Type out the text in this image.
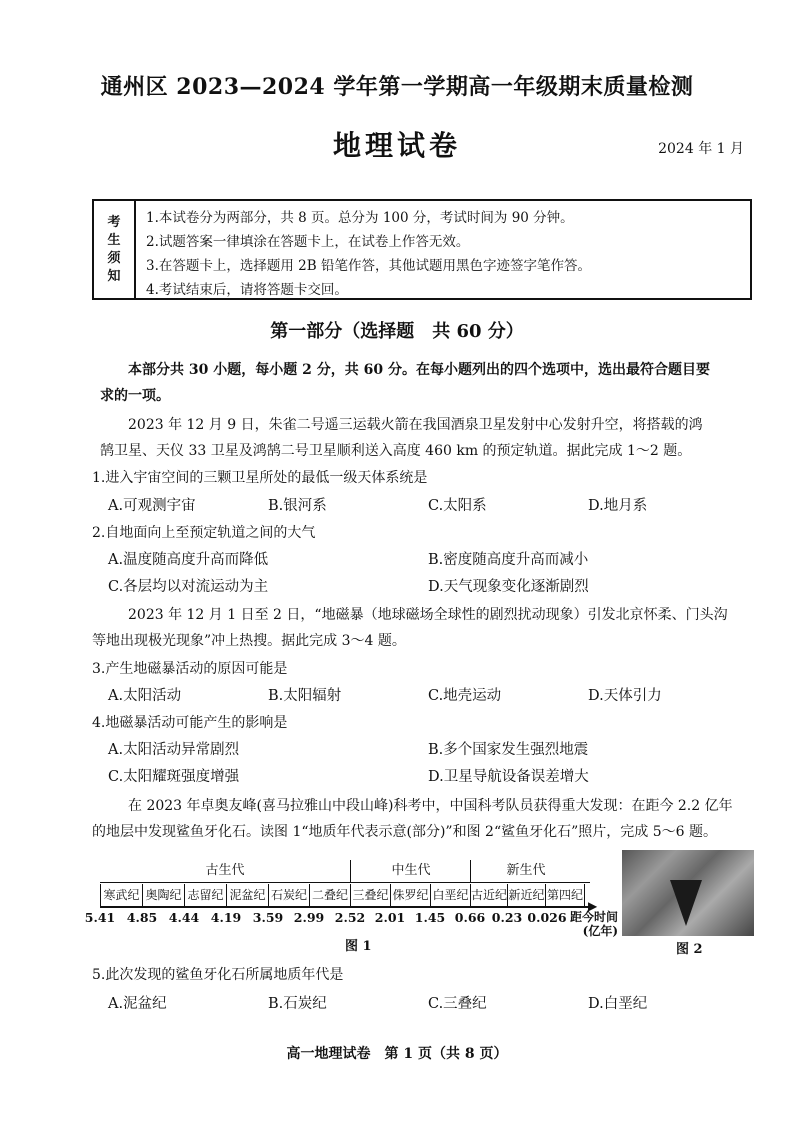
通州区 2023—2024 学年第一学期高一年级期末质量检测
地理试卷	2024 年 1 月
考
生
须
知
1.本试卷分为两部分，共 8 页。总分为 100 分，考试时间为 90 分钟。
2.试题答案一律填涂在答题卡上，在试卷上作答无效。
3.在答题卡上，选择题用 2B 铅笔作答，其他试题用黑色字迹签字笔作答。
4.考试结束后，请将答题卡交回。
第一部分（选择题　共 60 分）
本部分共 30 小题，每小题 2 分，共 60 分。在每小题列出的四个选项中，选出最符合题目要
求的一项。
2023 年 12 月 9 日，朱雀二号遥三运载火箭在我国酒泉卫星发射中心发射升空，将搭载的鸿
鹄卫星、天仪 33 卫星及鸿鹄二号卫星顺利送入高度 460 km 的预定轨道。据此完成 1～2 题。
1.进入宇宙空间的三颗卫星所处的最低一级天体系统是
A.可观测宇宙	B.银河系	C.太阳系	D.地月系
2.自地面向上至预定轨道之间的大气
A.温度随高度升高而降低	B.密度随高度升高而减小
C.各层均以对流运动为主	D.天气现象变化逐渐剧烈
2023 年 12 月 1 日至 2 日，“地磁暴（地球磁场全球性的剧烈扰动现象）引发北京怀柔、门头沟
等地出现极光现象”冲上热搜。据此完成 3～4 题。
3.产生地磁暴活动的原因可能是
A.太阳活动	B.太阳辐射	C.地壳运动	D.天体引力
4.地磁暴活动可能产生的影响是
A.太阳活动异常剧烈	B.多个国家发生强烈地震
C.太阳耀斑强度增强	D.卫星导航设备误差增大
在 2023 年卓奥友峰(喜马拉雅山中段山峰)科考中，中国科考队员获得重大发现：在距今 2.2 亿年
的地层中发现鲨鱼牙化石。读图 1“地质年代表示意(部分)”和图 2“鲨鱼牙化石”照片，完成 5～6 题。
古生代	中生代	新生代
寒武纪 奥陶纪 志留纪 泥盆纪 石炭纪 二叠纪 三叠纪 侏罗纪 白垩纪 古近纪 新近纪 第四纪
▶
5.41 4.85 4.44 4.19 3.59 2.99 2.52 2.01 1.45 0.66 0.23 0.026 距今时间
(亿年)
图 1	图 2
5.此次发现的鲨鱼牙化石所属地质年代是
A.泥盆纪	B.石炭纪	C.三叠纪	D.白垩纪
高一地理试卷　第 1 页（共 8 页）
